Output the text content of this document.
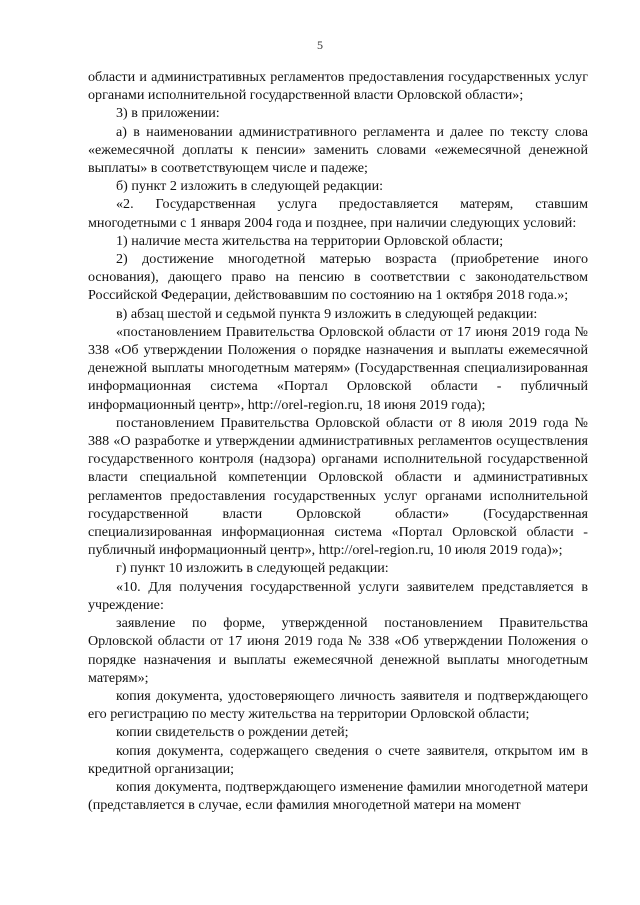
5

области и административных регламентов предоставления государственных услуг органами исполнительной государственной власти Орловской области»;

3) в приложении:

а) в наименовании административного регламента и далее по тексту слова «ежемесячной доплаты к пенсии» заменить словами «ежемесячной денежной выплаты» в соответствующем числе и падеже;

б) пункт 2 изложить в следующей редакции:

«2. Государственная услуга предоставляется матерям, ставшим многодетными с 1 января 2004 года и позднее, при наличии следующих условий:

1) наличие места жительства на территории Орловской области;

2) достижение многодетной матерью возраста (приобретение иного основания), дающего право на пенсию в соответствии с законодательством Российской Федерации, действовавшим по состоянию на 1 октября 2018 года.»;

в) абзац шестой и седьмой пункта 9 изложить в следующей редакции:

«постановлением Правительства Орловской области от 17 июня 2019 года № 338 «Об утверждении Положения о порядке назначения и выплаты ежемесячной денежной выплаты многодетным матерям» (Государственная специализированная информационная система «Портал Орловской области - публичный информационный центр», http://orel-region.ru, 18 июня 2019 года);

постановлением Правительства Орловской области от 8 июля 2019 года № 388 «О разработке и утверждении административных регламентов осуществления государственного контроля (надзора) органами исполнительной государственной власти специальной компетенции Орловской области и административных регламентов предоставления государственных услуг органами исполнительной государственной власти Орловской области» (Государственная специализированная информационная система «Портал Орловской области - публичный информационный центр», http://orel-region.ru, 10 июля 2019 года)»;

г) пункт 10 изложить в следующей редакции:

«10. Для получения государственной услуги заявителем представляется в учреждение:

заявление по форме, утвержденной постановлением Правительства Орловской области от 17 июня 2019 года № 338 «Об утверждении Положения о порядке назначения и выплаты ежемесячной денежной выплаты многодетным матерям»;

копия документа, удостоверяющего личность заявителя и подтверждающего его регистрацию по месту жительства на территории Орловской области;

копии свидетельств о рождении детей;

копия документа, содержащего сведения о счете заявителя, открытом им в кредитной организации;

копия документа, подтверждающего изменение фамилии многодетной матери (представляется в случае, если фамилия многодетной матери на момент
